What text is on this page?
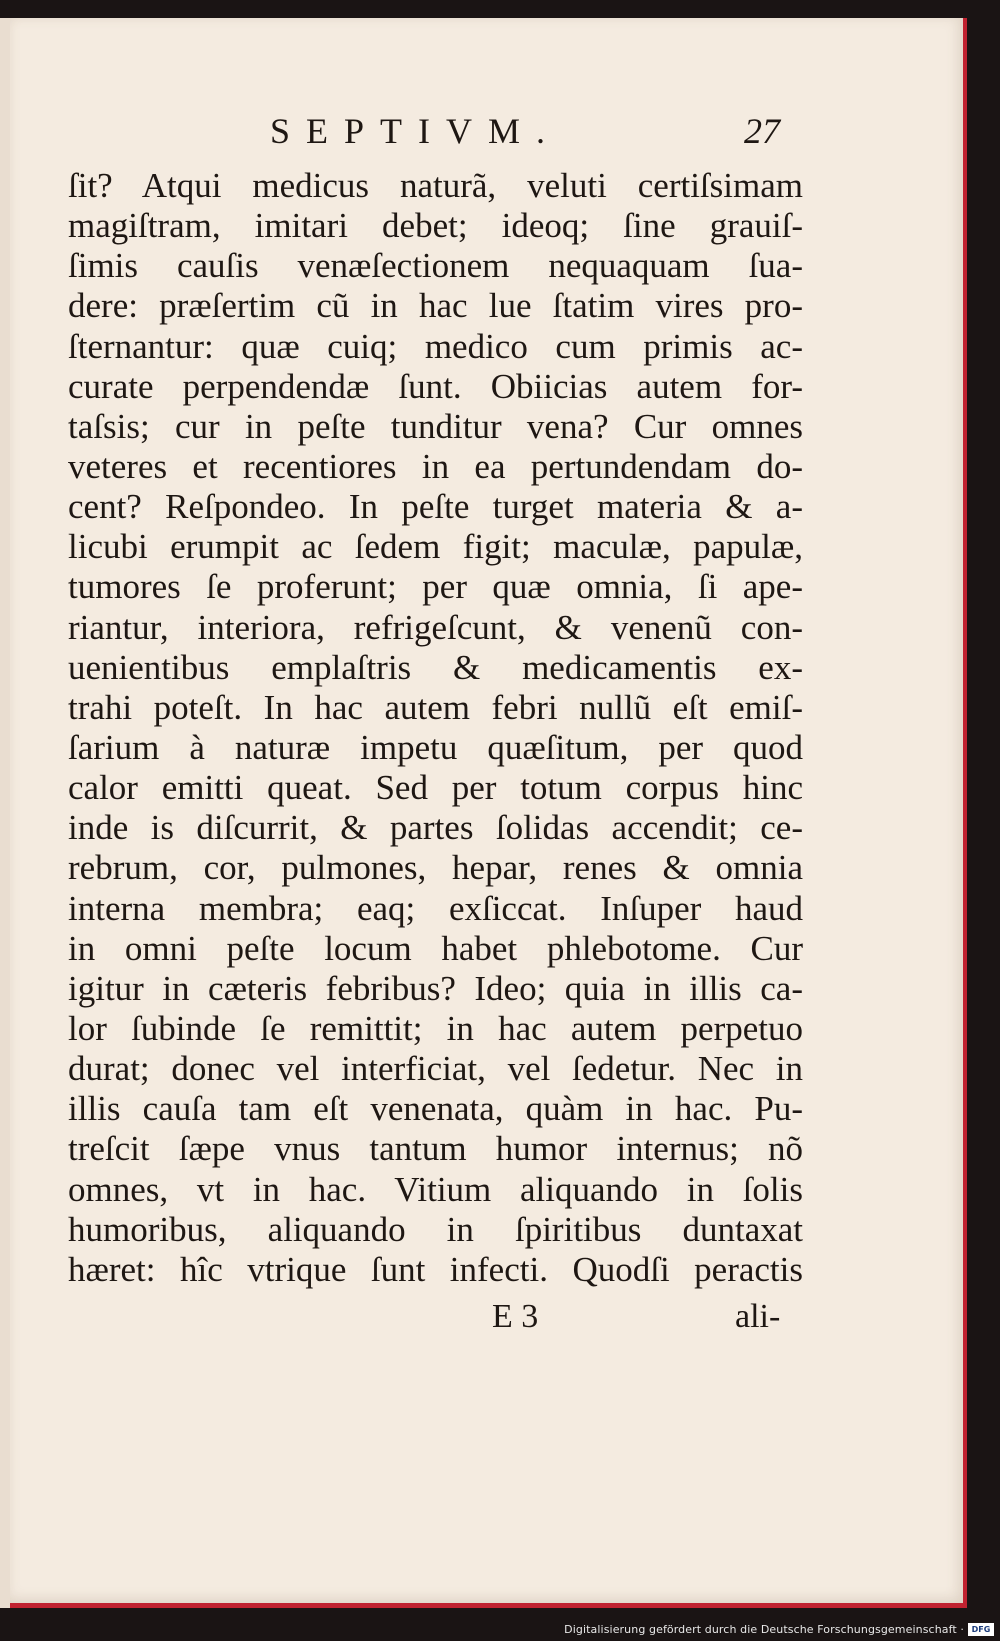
SEPTIVM.	27
ſit? Atqui medicus naturã, veluti certiſsimam
magiſtram, imitari debet; ideoq; ſine grauiſ-
ſimis cauſis venæſectionem nequaquam ſua-
dere: præſertim cũ in hac lue ſtatim vires pro-
ſternantur: quæ cuiq; medico cum primis ac-
curate perpendendæ ſunt. Obiicias autem for-
taſsis; cur in peſte tunditur vena? Cur omnes
veteres et recentiores in ea pertundendam do-
cent? Reſpondeo. In peſte turget materia & a-
licubi erumpit ac ſedem figit; maculæ, papulæ,
tumores ſe proferunt; per quæ omnia, ſi ape-
riantur, interiora, refrigeſcunt, & venenũ con-
uenientibus emplaſtris & medicamentis ex-
trahi poteſt. In hac autem febri nullũ eſt emiſ-
ſarium à naturæ impetu quæſitum, per quod
calor emitti queat. Sed per totum corpus hinc
inde is diſcurrit, & partes ſolidas accendit; ce-
rebrum, cor, pulmones, hepar, renes & omnia
interna membra; eaq; exſiccat. Inſuper haud
in omni peſte locum habet phlebotome. Cur
igitur in cæteris febribus? Ideo; quia in illis ca-
lor ſubinde ſe remittit; in hac autem perpetuo
durat; donec vel interficiat, vel ſedetur. Nec in
illis cauſa tam eſt venenata, quàm in hac. Pu-
treſcit ſæpe vnus tantum humor internus; nõ
omnes, vt in hac. Vitium aliquando in ſolis
humoribus, aliquando in ſpiritibus duntaxat
hæret: hîc vtrique ſunt infecti. Quodſi peractis
E 3	ali-
Digitalisierung gefördert durch die Deutsche Forschungsgemeinschaft · DFG
